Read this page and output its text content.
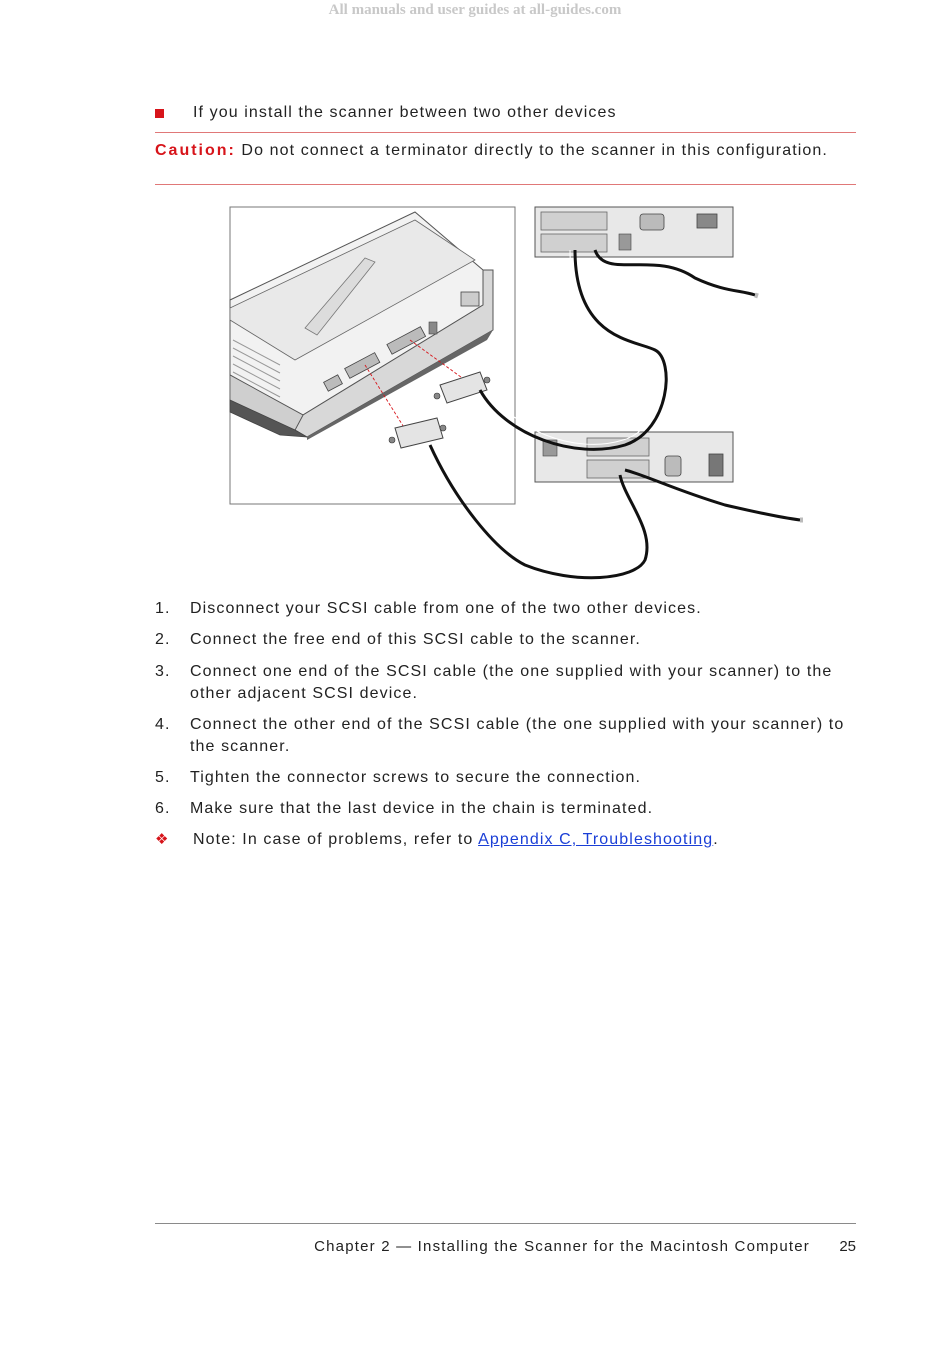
All manuals and user guides at all-guides.com
If you install the scanner between two other devices
Caution: Do not connect a terminator directly to the scanner in this configuration.
1. Disconnect your SCSI cable from one of the two other devices.
2. Connect the free end of this SCSI cable to the scanner.
3. Connect one end of the SCSI cable (the one supplied with your scanner) to the other adjacent SCSI device.
4. Connect the other end of the SCSI cable (the one supplied with your scanner) to the scanner.
5. Tighten the connector screws to secure the connection.
6. Make sure that the last device in the chain is terminated.
❖ Note: In case of problems, refer to Appendix C, Troubleshooting.
Chapter 2 — Installing the Scanner for the Macintosh Computer	25
